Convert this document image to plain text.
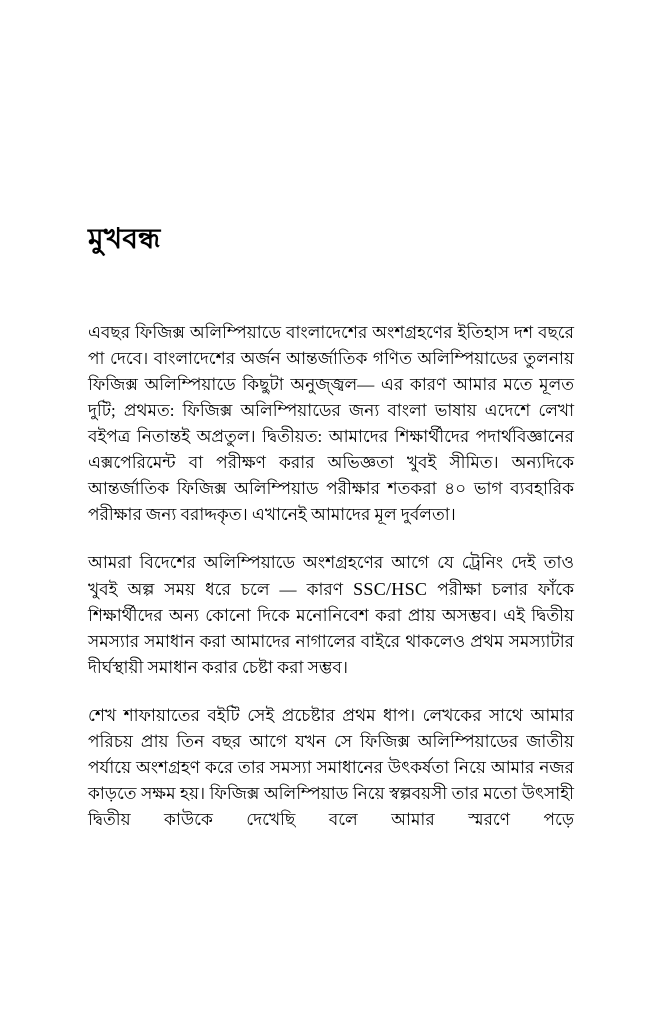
মুখবন্ধ

এবছর ফিজিক্স অলিম্পিয়াডে বাংলাদেশের অংশগ্রহণের ইতিহাস দশ বছরে পা দেবে। বাংলাদেশের অর্জন আন্তর্জাতিক গণিত অলিম্পিয়াডের তুলনায় ফিজিক্স অলিম্পিয়াডে কিছুটা অনুজ্জ্বল— এর কারণ আমার মতে মূলত দুটি; প্রথমত: ফিজিক্স অলিম্পিয়াডের জন্য বাংলা ভাষায় এদেশে লেখা বইপত্র নিতান্তই অপ্রতুল। দ্বিতীয়ত: আমাদের শিক্ষার্থীদের পদার্থবিজ্ঞানের এক্সপেরিমেন্ট বা পরীক্ষণ করার অভিজ্ঞতা খুবই সীমিত। অন্যদিকে আন্তর্জাতিক ফিজিক্স অলিম্পিয়াড পরীক্ষার শতকরা ৪০ ভাগ ব্যবহারিক পরীক্ষার জন্য বরাদ্দকৃত। এখানেই আমাদের মূল দুর্বলতা।

আমরা বিদেশের অলিম্পিয়াডে অংশগ্রহণের আগে যে ট্রেনিং দেই তাও খুবই অল্প সময় ধরে চলে — কারণ SSC/HSC পরীক্ষা চলার ফাঁকে শিক্ষার্থীদের অন্য কোনো দিকে মনোনিবেশ করা প্রায় অসম্ভব। এই দ্বিতীয় সমস্যার সমাধান করা আমাদের নাগালের বাইরে থাকলেও প্রথম সমস্যাটার দীর্ঘস্থায়ী সমাধান করার চেষ্টা করা সম্ভব।

শেখ শাফায়াতের বইটি সেই প্রচেষ্টার প্রথম ধাপ। লেখকের সাথে আমার পরিচয় প্রায় তিন বছর আগে যখন সে ফিজিক্স অলিম্পিয়াডের জাতীয় পর্যায়ে অংশগ্রহণ করে তার সমস্যা সমাধানের উৎকর্ষতা নিয়ে আমার নজর কাড়তে সক্ষম হয়। ফিজিক্স অলিম্পিয়াড নিয়ে স্বল্পবয়সী তার মতো উৎসাহী দ্বিতীয় কাউকে দেখেছি বলে আমার স্মরণে পড়ে
